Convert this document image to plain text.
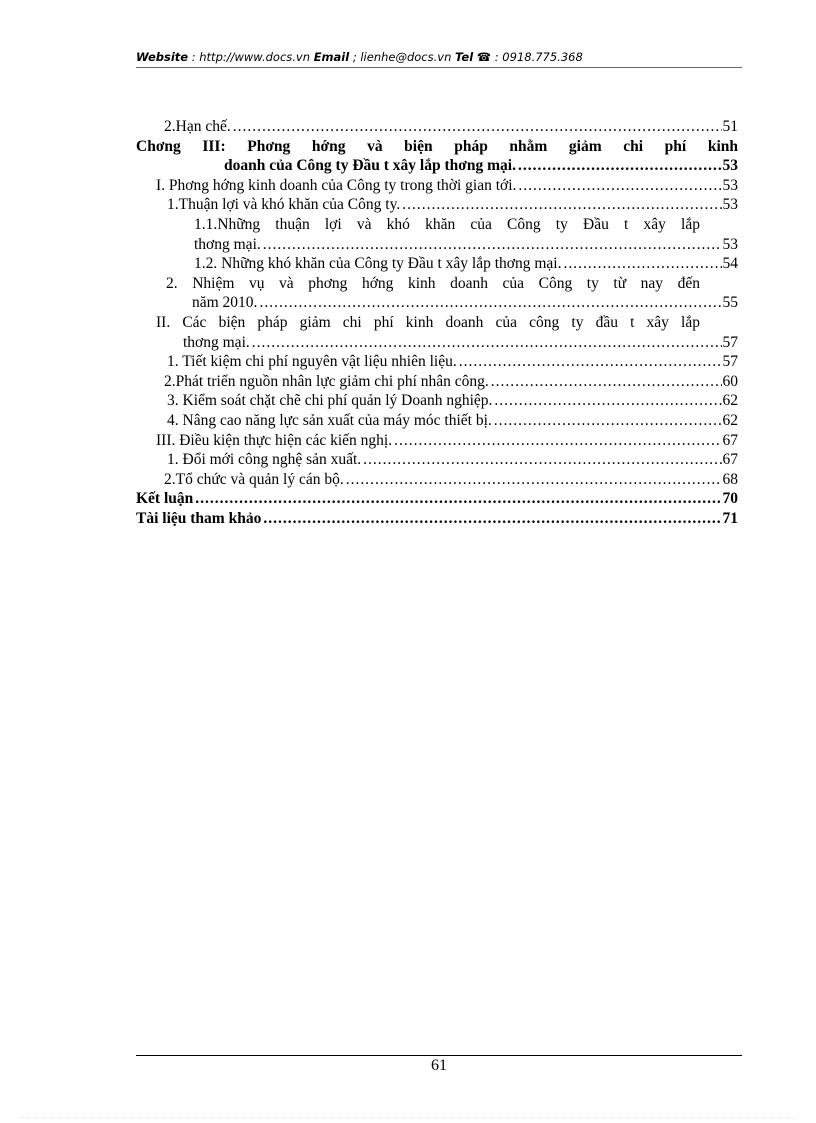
Website : http://www.docs.vn Email ; lienhe@docs.vn Tel ☎ : 0918.775.368
2.Hạn chế. .....	51
Chơng III: Phơng hớng và biện pháp nhằm giảm chi phí kinh
doanh của Công ty Đầu t xây lắp thơng mại. .....	53
I. Phơng hớng kinh doanh của Công ty trong thời gian tới. .....	53
1.Thuận lợi và khó khăn của Công ty. .....	53
1.1.Những thuận lợi và khó khăn của Công ty Đầu t xây lắp
thơng mại. .....	53
1.2. Những khó khăn của Công ty Đầu t xây lắp thơng mại. .....	54
2. Nhiệm vụ và phơng hớng kinh doanh của Công ty từ nay đến
năm 2010. .....	55
II. Các biện pháp giảm chi phí kinh doanh của công ty đầu t xây lắp
thơng mại. .....	57
1. Tiết kiệm chi phí nguyên vật liệu nhiên liệu. .....	57
2.Phát triển nguồn nhân lực giảm chi phí nhân công. .....	60
3. Kiểm soát chặt chẽ chi phí quản lý Doanh nghiệp. .....	62
4. Nâng cao năng lực sản xuất của máy móc thiết bị. .....	62
III. Điều kiện thực hiện các kiến nghị. .....	67
1. Đổi mới công nghệ sản xuất. .....	67
2.Tổ chức và quản lý cán bộ. .....	68
Kết luận .....	70
Tài liệu tham khảo .....	71
61
